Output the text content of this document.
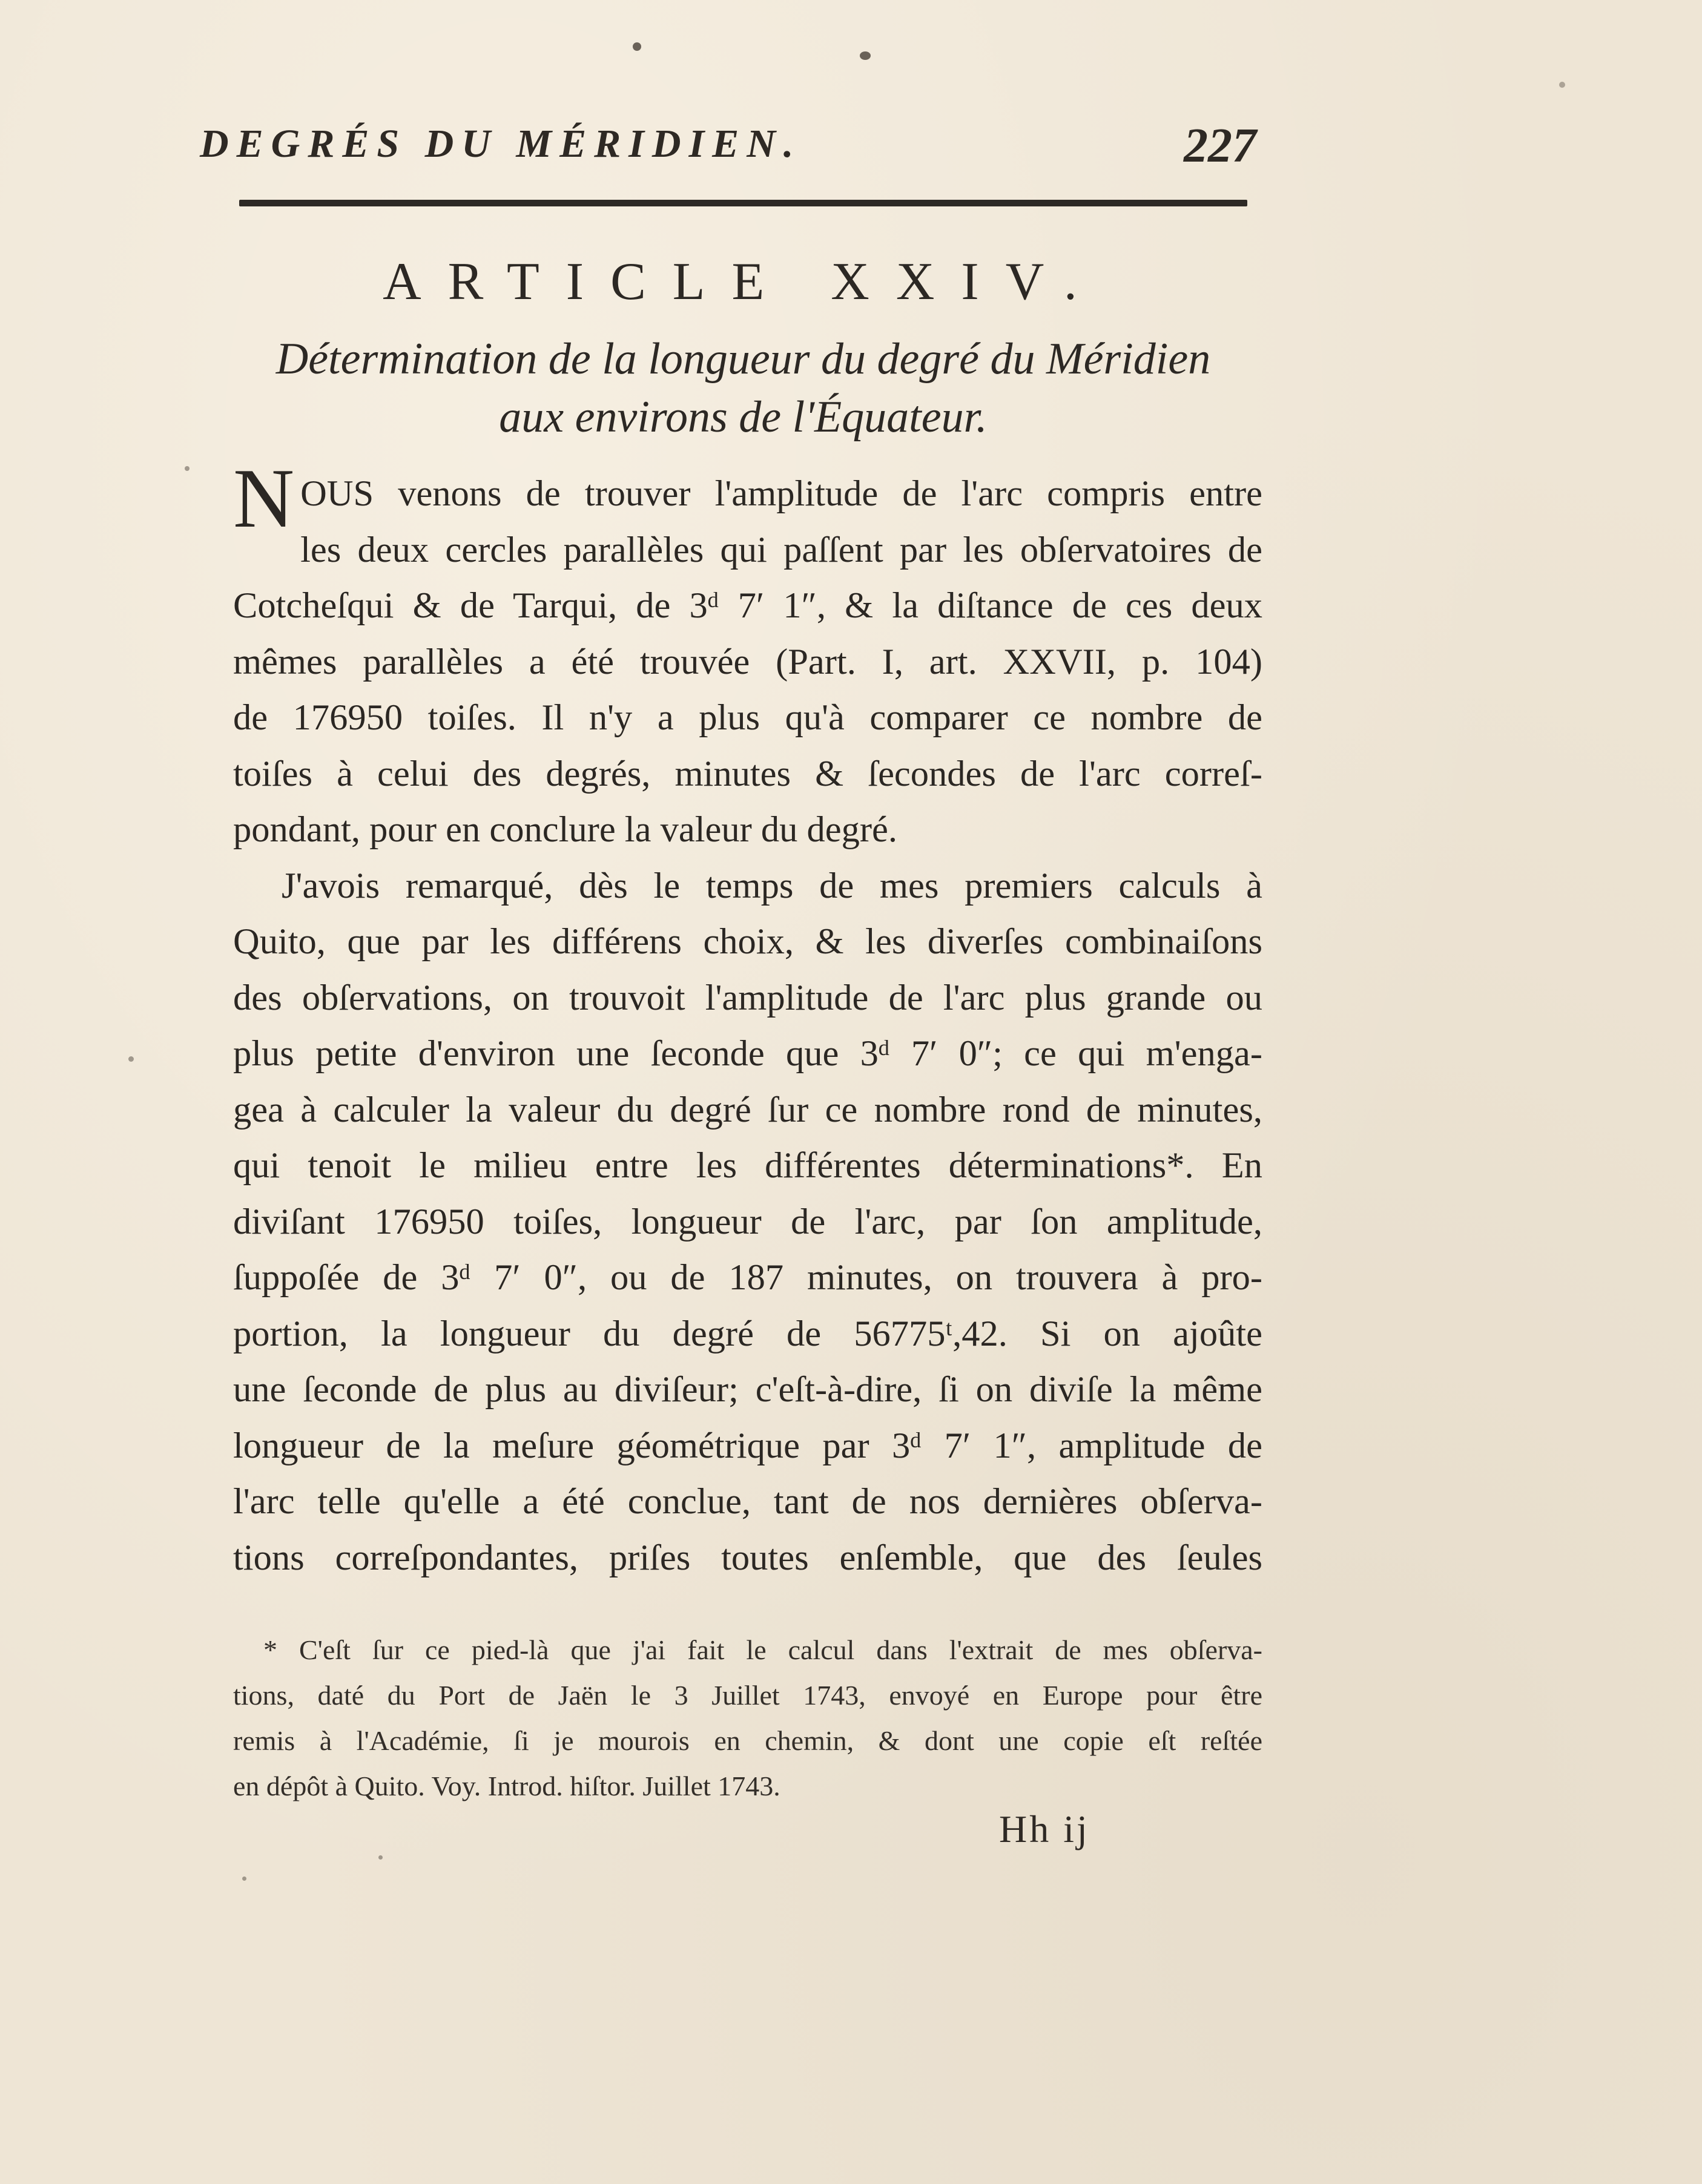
DEGRÉS DU MÉRIDIEN.	227
ARTICLE XXIV.
Détermination de la longueur du degré du Méridien
aux environs de l'Équateur.
N OUS venons de trouver l'amplitude de l'arc compris entre
les deux cercles parallèles qui paſſent par les obſervatoires de
Cotcheſqui & de Tarqui, de 3ᵈ 7′ 1″, & la diſtance de ces deux
mêmes parallèles a été trouvée (Part. I, art. XXVII, p. 104)
de 176950 toiſes. Il n'y a plus qu'à comparer ce nombre de
toiſes à celui des degrés, minutes & ſecondes de l'arc correſ-
pondant, pour en conclure la valeur du degré.
J'avois remarqué, dès le temps de mes premiers calculs à
Quito, que par les différens choix, & les diverſes combinaiſons
des obſervations, on trouvoit l'amplitude de l'arc plus grande ou
plus petite d'environ une ſeconde que 3ᵈ 7′ 0″; ce qui m'enga-
gea à calculer la valeur du degré ſur ce nombre rond de minutes,
qui tenoit le milieu entre les différentes déterminations*. En
diviſant 176950 toiſes, longueur de l'arc, par ſon amplitude,
ſuppoſée de 3ᵈ 7′ 0″, ou de 187 minutes, on trouvera à pro-
portion, la longueur du degré de 56775ᵗ,42. Si on ajoûte
une ſeconde de plus au diviſeur; c'eſt-à-dire, ſi on diviſe la même
longueur de la meſure géométrique par 3ᵈ 7′ 1″, amplitude de
l'arc telle qu'elle a été conclue, tant de nos dernières obſerva-
tions correſpondantes, priſes toutes enſemble, que des ſeules
* C'eſt ſur ce pied-là que j'ai fait le calcul dans l'extrait de mes obſerva-
tions, daté du Port de Jaën le 3 Juillet 1743, envoyé en Europe pour être
remis à l'Académie, ſi je mourois en chemin, & dont une copie eſt reſtée
en dépôt à Quito. Voy. Introd. hiſtor. Juillet 1743.
Hh ij
